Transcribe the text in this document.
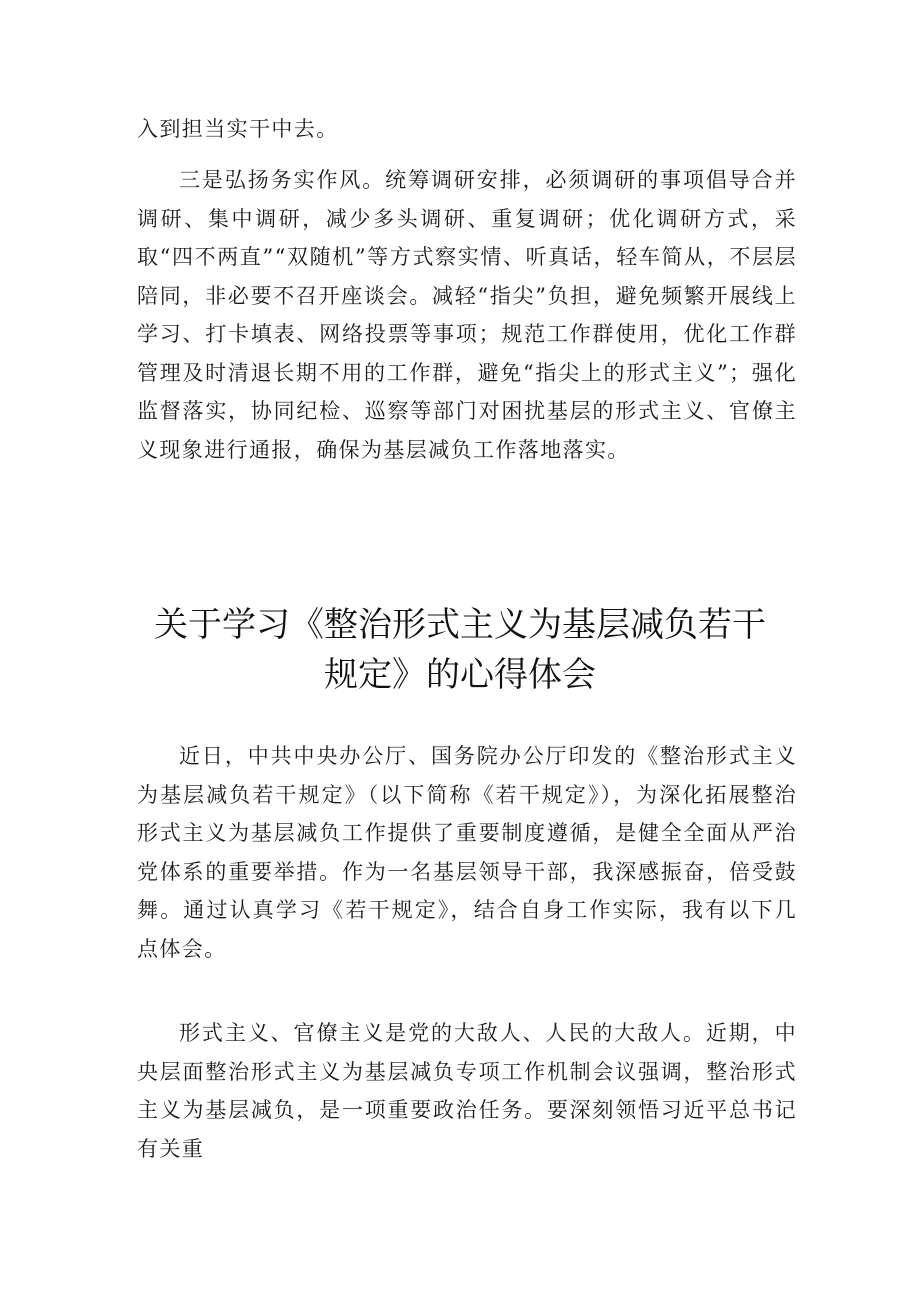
入到担当实干中去。

三是弘扬务实作风。统筹调研安排，必须调研的事项倡导合并调研、集中调研，减少多头调研、重复调研；优化调研方式，采取“四不两直”“双随机”等方式察实情、听真话，轻车简从，不层层陪同，非必要不召开座谈会。减轻“指尖”负担，避免频繁开展线上学习、打卡填表、网络投票等事项；规范工作群使用，优化工作群管理及时清退长期不用的工作群，避免“指尖上的形式主义”；强化监督落实，协同纪检、巡察等部门对困扰基层的形式主义、官僚主义现象进行通报，确保为基层减负工作落地落实。

关于学习《整治形式主义为基层减负若干
规定》的心得体会

近日，中共中央办公厅、国务院办公厅印发的《整治形式主义为基层减负若干规定》（以下简称《若干规定》），为深化拓展整治形式主义为基层减负工作提供了重要制度遵循，是健全全面从严治党体系的重要举措。作为一名基层领导干部，我深感振奋，倍受鼓舞。通过认真学习《若干规定》，结合自身工作实际，我有以下几点体会。

形式主义、官僚主义是党的大敌人、人民的大敌人。近期，中央层面整治形式主义为基层减负专项工作机制会议强调，整治形式主义为基层减负，是一项重要政治任务。要深刻领悟习近平总书记有关重
